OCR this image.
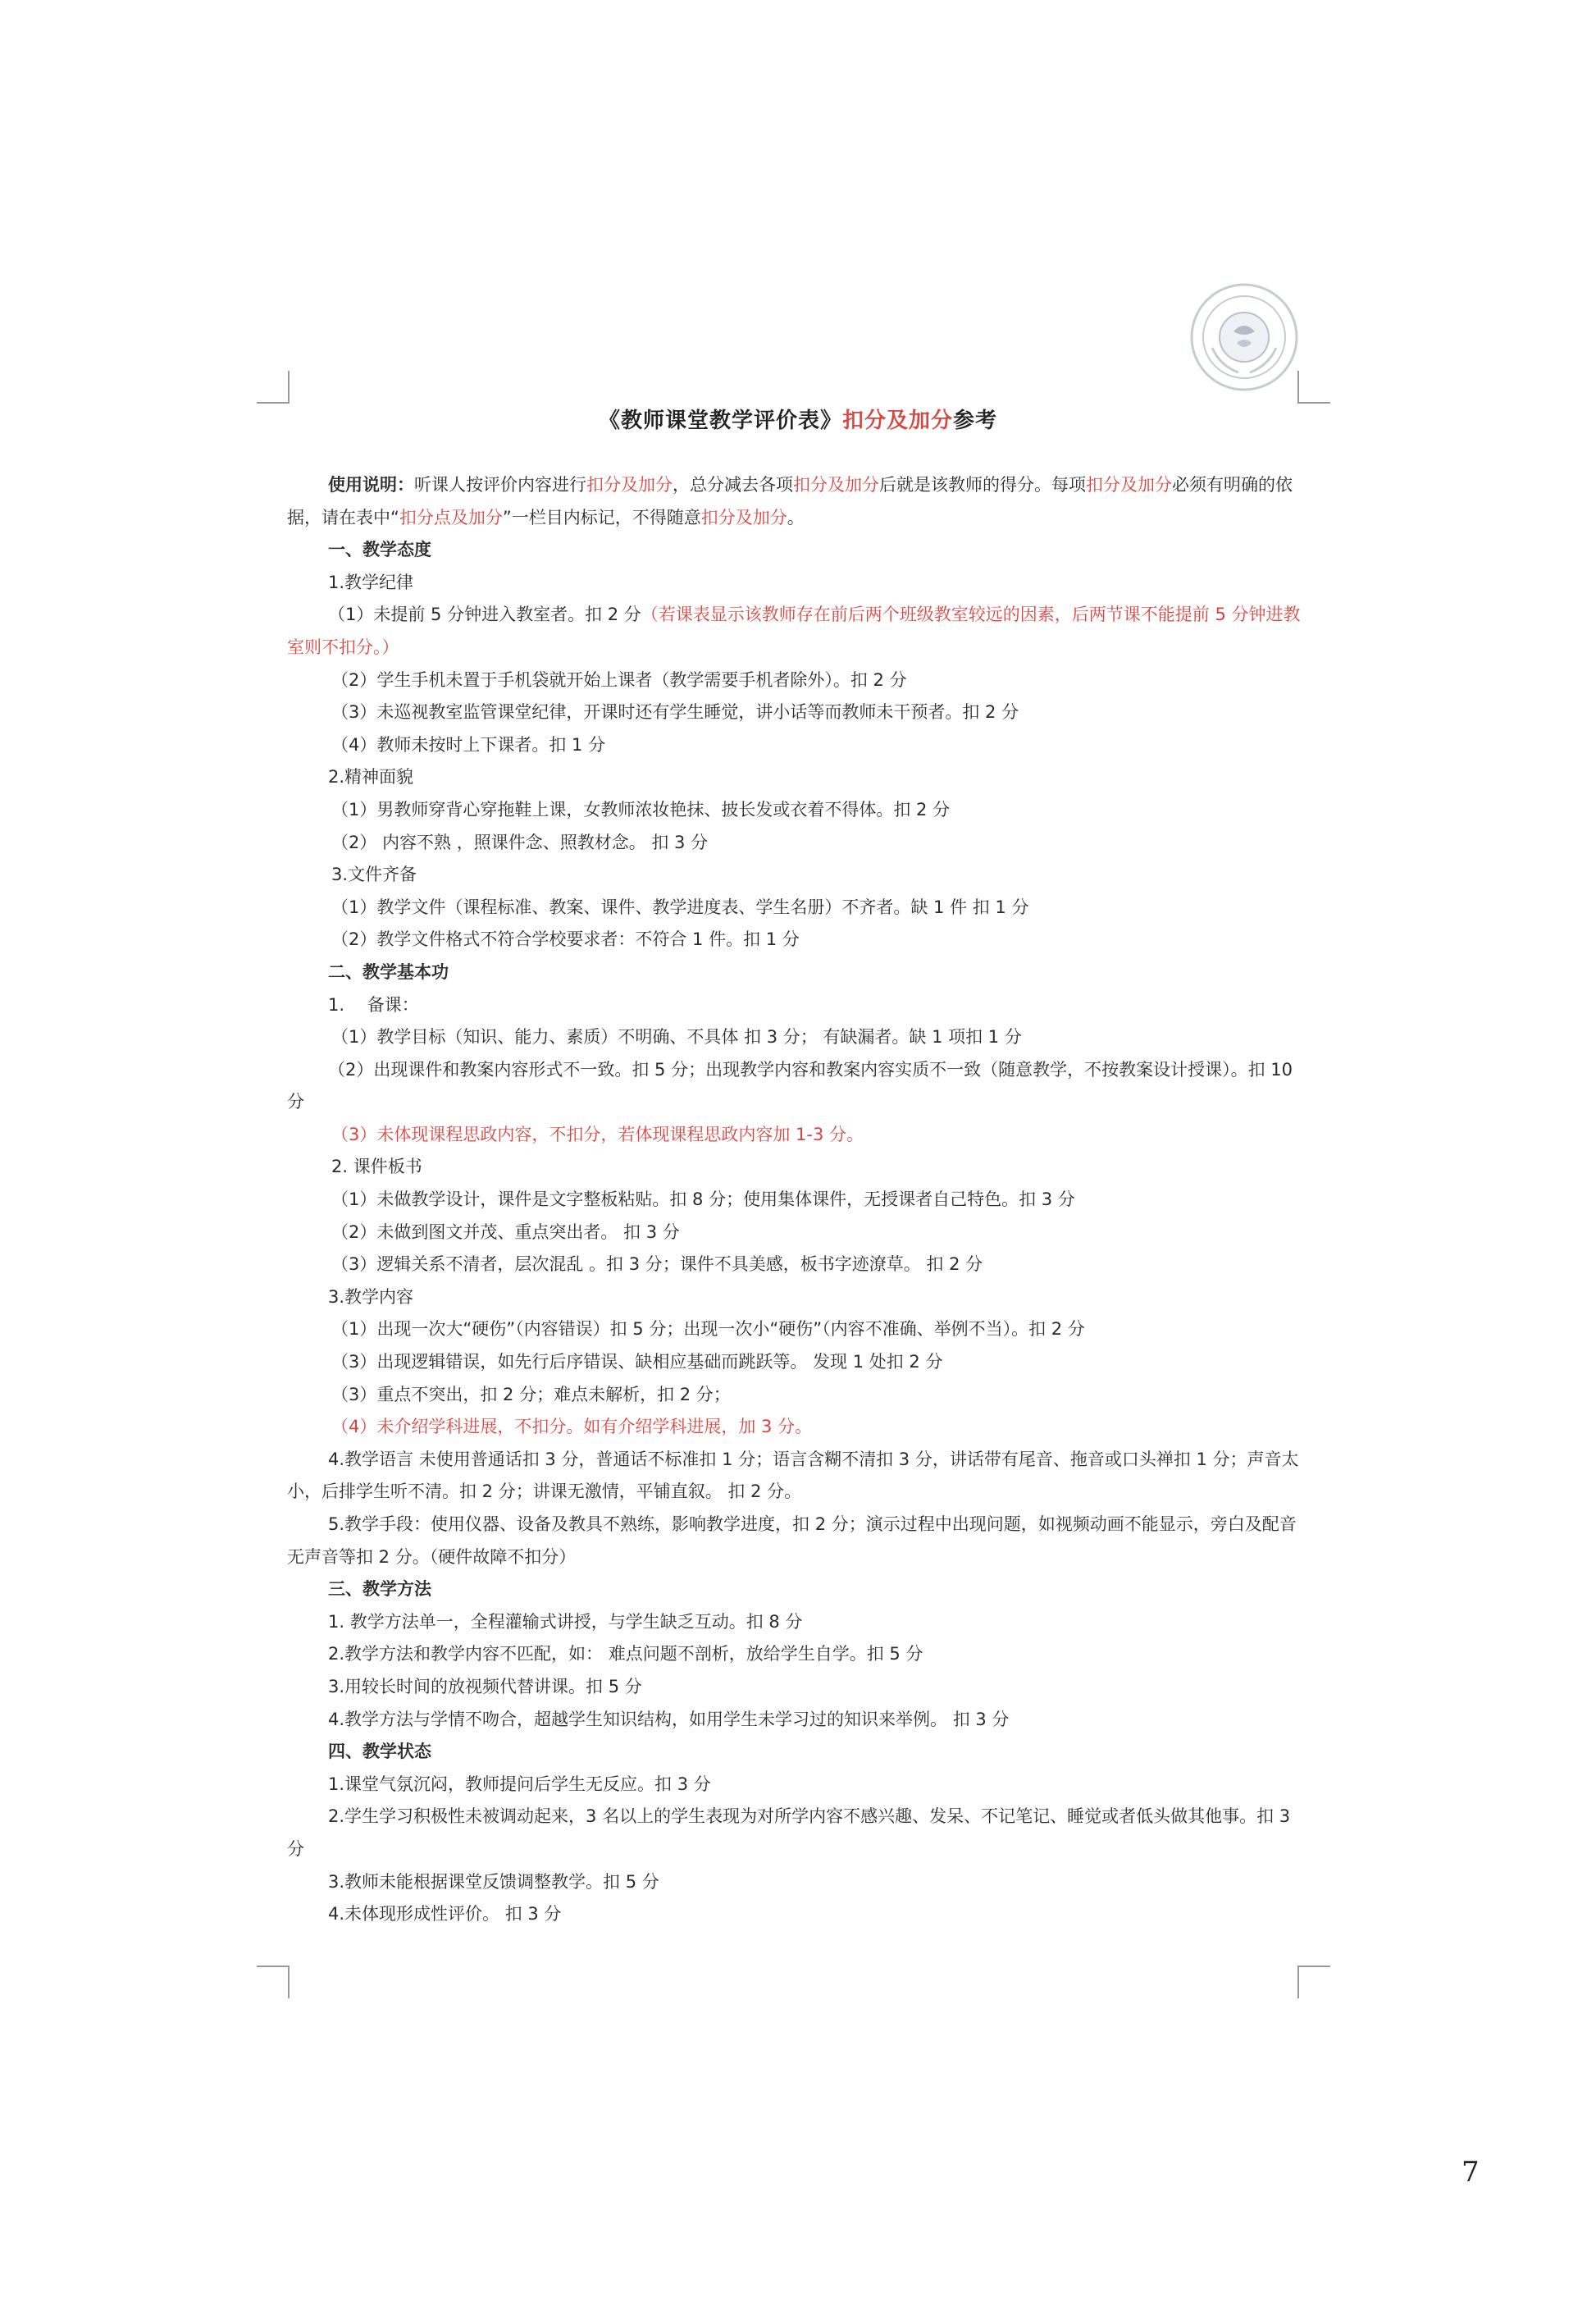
《教师课堂教学评价表》扣分及加分参考
使用说明：听课人按评价内容进行扣分及加分，总分减去各项扣分及加分后就是该教师的得分。每项扣分及加分必须有明确的依据，请在表中“扣分点及加分”一栏目内标记，不得随意扣分及加分。
一、教学态度
1.教学纪律
（1）未提前 5 分钟进入教室者。扣 2 分（若课表显示该教师存在前后两个班级教室较远的因素，后两节课不能提前 5 分钟进教室则不扣分。）
（2）学生手机未置于手机袋就开始上课者（教学需要手机者除外）。扣 2 分
（3）未巡视教室监管课堂纪律，开课时还有学生睡觉，讲小话等而教师未干预者。扣 2 分
（4）教师未按时上下课者。扣 1 分
2.精神面貌
（1）男教师穿背心穿拖鞋上课，女教师浓妆艳抹、披长发或衣着不得体。扣 2 分
（2） 内容不熟 ，照课件念、照教材念。 扣 3 分
3.文件齐备
（1）教学文件（课程标准、教案、课件、教学进度表、学生名册）不齐者。缺 1 件 扣 1 分
（2）教学文件格式不符合学校要求者：不符合 1 件。扣 1 分
二、教学基本功
1.　 备课：
（1）教学目标（知识、能力、素质）不明确、不具体 扣 3 分； 有缺漏者。缺 1 项扣 1 分
（2）出现课件和教案内容形式不一致。扣 5 分；出现教学内容和教案内容实质不一致（随意教学，不按教案设计授课）。扣 10 分
（3）未体现课程思政内容，不扣分，若体现课程思政内容加 1-3 分。
2. 课件板书
（1）未做教学设计，课件是文字整板粘贴。扣 8 分；使用集体课件，无授课者自己特色。扣 3 分
（2）未做到图文并茂、重点突出者。 扣 3 分
（3）逻辑关系不清者，层次混乱 。扣 3 分；课件不具美感，板书字迹潦草。 扣 2 分
3.教学内容
（1）出现一次大“硬伤”（内容错误）扣 5 分；出现一次小“硬伤”（内容不准确、举例不当）。扣 2 分
（3）出现逻辑错误，如先行后序错误、缺相应基础而跳跃等。 发现 1 处扣 2 分
（3）重点不突出，扣 2 分；难点未解析，扣 2 分；
（4）未介绍学科进展，不扣分。如有介绍学科进展，加 3 分。
4.教学语言 未使用普通话扣 3 分，普通话不标准扣 1 分；语言含糊不清扣 3 分，讲话带有尾音、拖音或口头禅扣 1 分；声音太小，后排学生听不清。扣 2 分；讲课无激情，平铺直叙。 扣 2 分。
5.教学手段：使用仪器、设备及教具不熟练，影响教学进度，扣 2 分；演示过程中出现问题，如视频动画不能显示，旁白及配音无声音等扣 2 分。（硬件故障不扣分）
三、教学方法
1. 教学方法单一，全程灌输式讲授，与学生缺乏互动。扣 8 分
2.教学方法和教学内容不匹配，如： 难点问题不剖析，放给学生自学。扣 5 分
3.用较长时间的放视频代替讲课。扣 5 分
4.教学方法与学情不吻合，超越学生知识结构，如用学生未学习过的知识来举例。 扣 3 分
四、教学状态
1.课堂气氛沉闷，教师提问后学生无反应。扣 3 分
2.学生学习积极性未被调动起来，3 名以上的学生表现为对所学内容不感兴趣、发呆、不记笔记、睡觉或者低头做其他事。扣 3 分
3.教师未能根据课堂反馈调整教学。扣 5 分
4.未体现形成性评价。 扣 3 分
7
